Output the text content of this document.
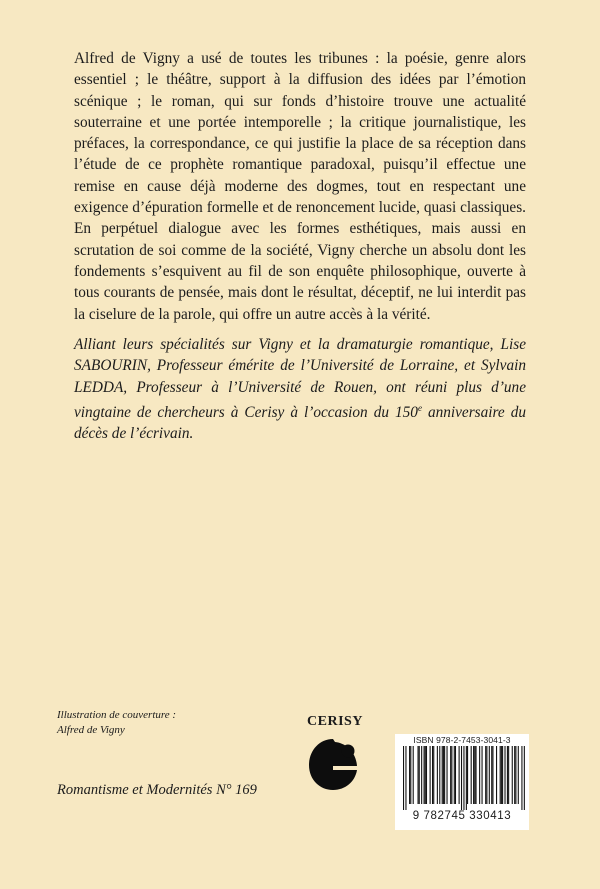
Alfred de Vigny a usé de toutes les tribunes : la poésie, genre alors essentiel ; le théâtre, support à la diffusion des idées par l’émotion scénique ; le roman, qui sur fonds d’histoire trouve une actualité souterraine et une portée intemporelle ; la critique journalistique, les préfaces, la correspondance, ce qui justifie la place de sa réception dans l’étude de ce prophète romantique paradoxal, puisqu’il effectue une remise en cause déjà moderne des dogmes, tout en respectant une exigence d’épuration formelle et de renoncement lucide, quasi classiques. En perpétuel dialogue avec les formes esthétiques, mais aussi en scrutation de soi comme de la société, Vigny cherche un absolu dont les fondements s’esquivent au fil de son enquête philosophique, ouverte à tous courants de pensée, mais dont le résultat, déceptif, ne lui interdit pas la ciselure de la parole, qui offre un autre accès à la vérité.

Alliant leurs spécialités sur Vigny et la dramaturgie romantique, Lise SABOURIN, Professeur émérite de l’Université de Lorraine, et Sylvain LEDDA, Professeur à l’Université de Rouen, ont réuni plus d’une vingtaine de chercheurs à Cerisy à l’occasion du 150e anniversaire du décès de l’écrivain.

Illustration de couverture :
Alfred de Vigny
Romantisme et Modernités N° 169
CERISY
ISBN 978-2-7453-3041-3
9 782745 330413
